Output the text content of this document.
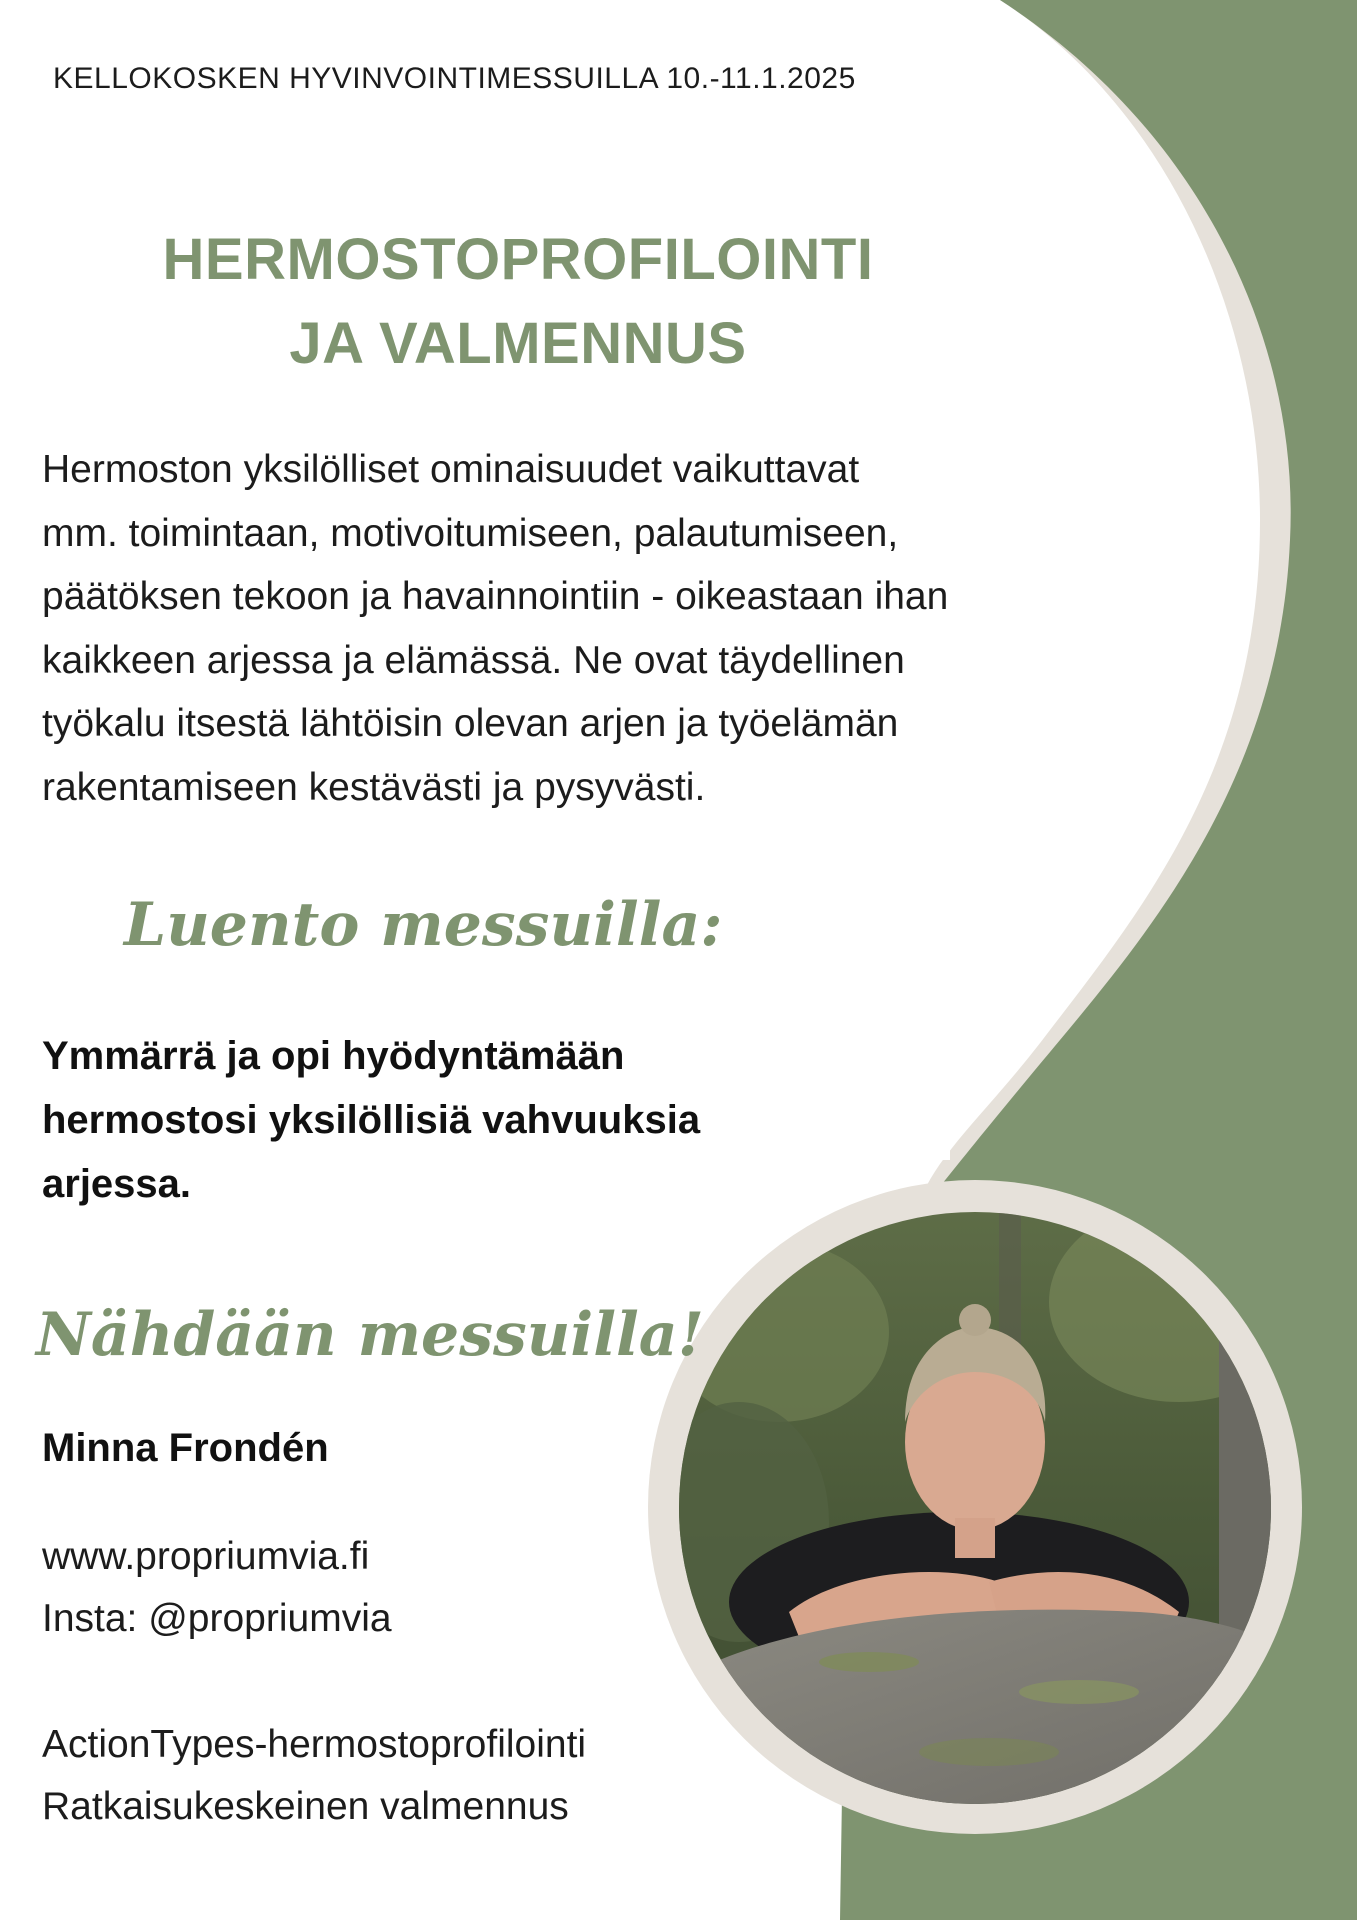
KELLOKOSKEN HYVINVOINTIMESSUILLA 10.-11.1.2025

HERMOSTOPROFILOINTI
JA VALMENNUS
Hermoston yksilölliset ominaisuudet vaikuttavat
mm. toimintaan, motivoitumiseen, palautumiseen,
päätöksen tekoon ja havainnointiin - oikeastaan ihan
kaikkeen arjessa ja elämässä. Ne ovat täydellinen
työkalu itsestä lähtöisin olevan arjen ja työelämän
rakentamiseen kestävästi ja pysyvästi.

Luento messuilla:

Ymmärrä ja opi hyödyntämään
hermostosi yksilöllisiä vahvuuksia
arjessa.

Nähdään messuilla!

Minna Frondén

www.propriumvia.fi
Insta: @propriumvia
ActionTypes-hermostoprofilointi
Ratkaisukeskeinen valmennus
